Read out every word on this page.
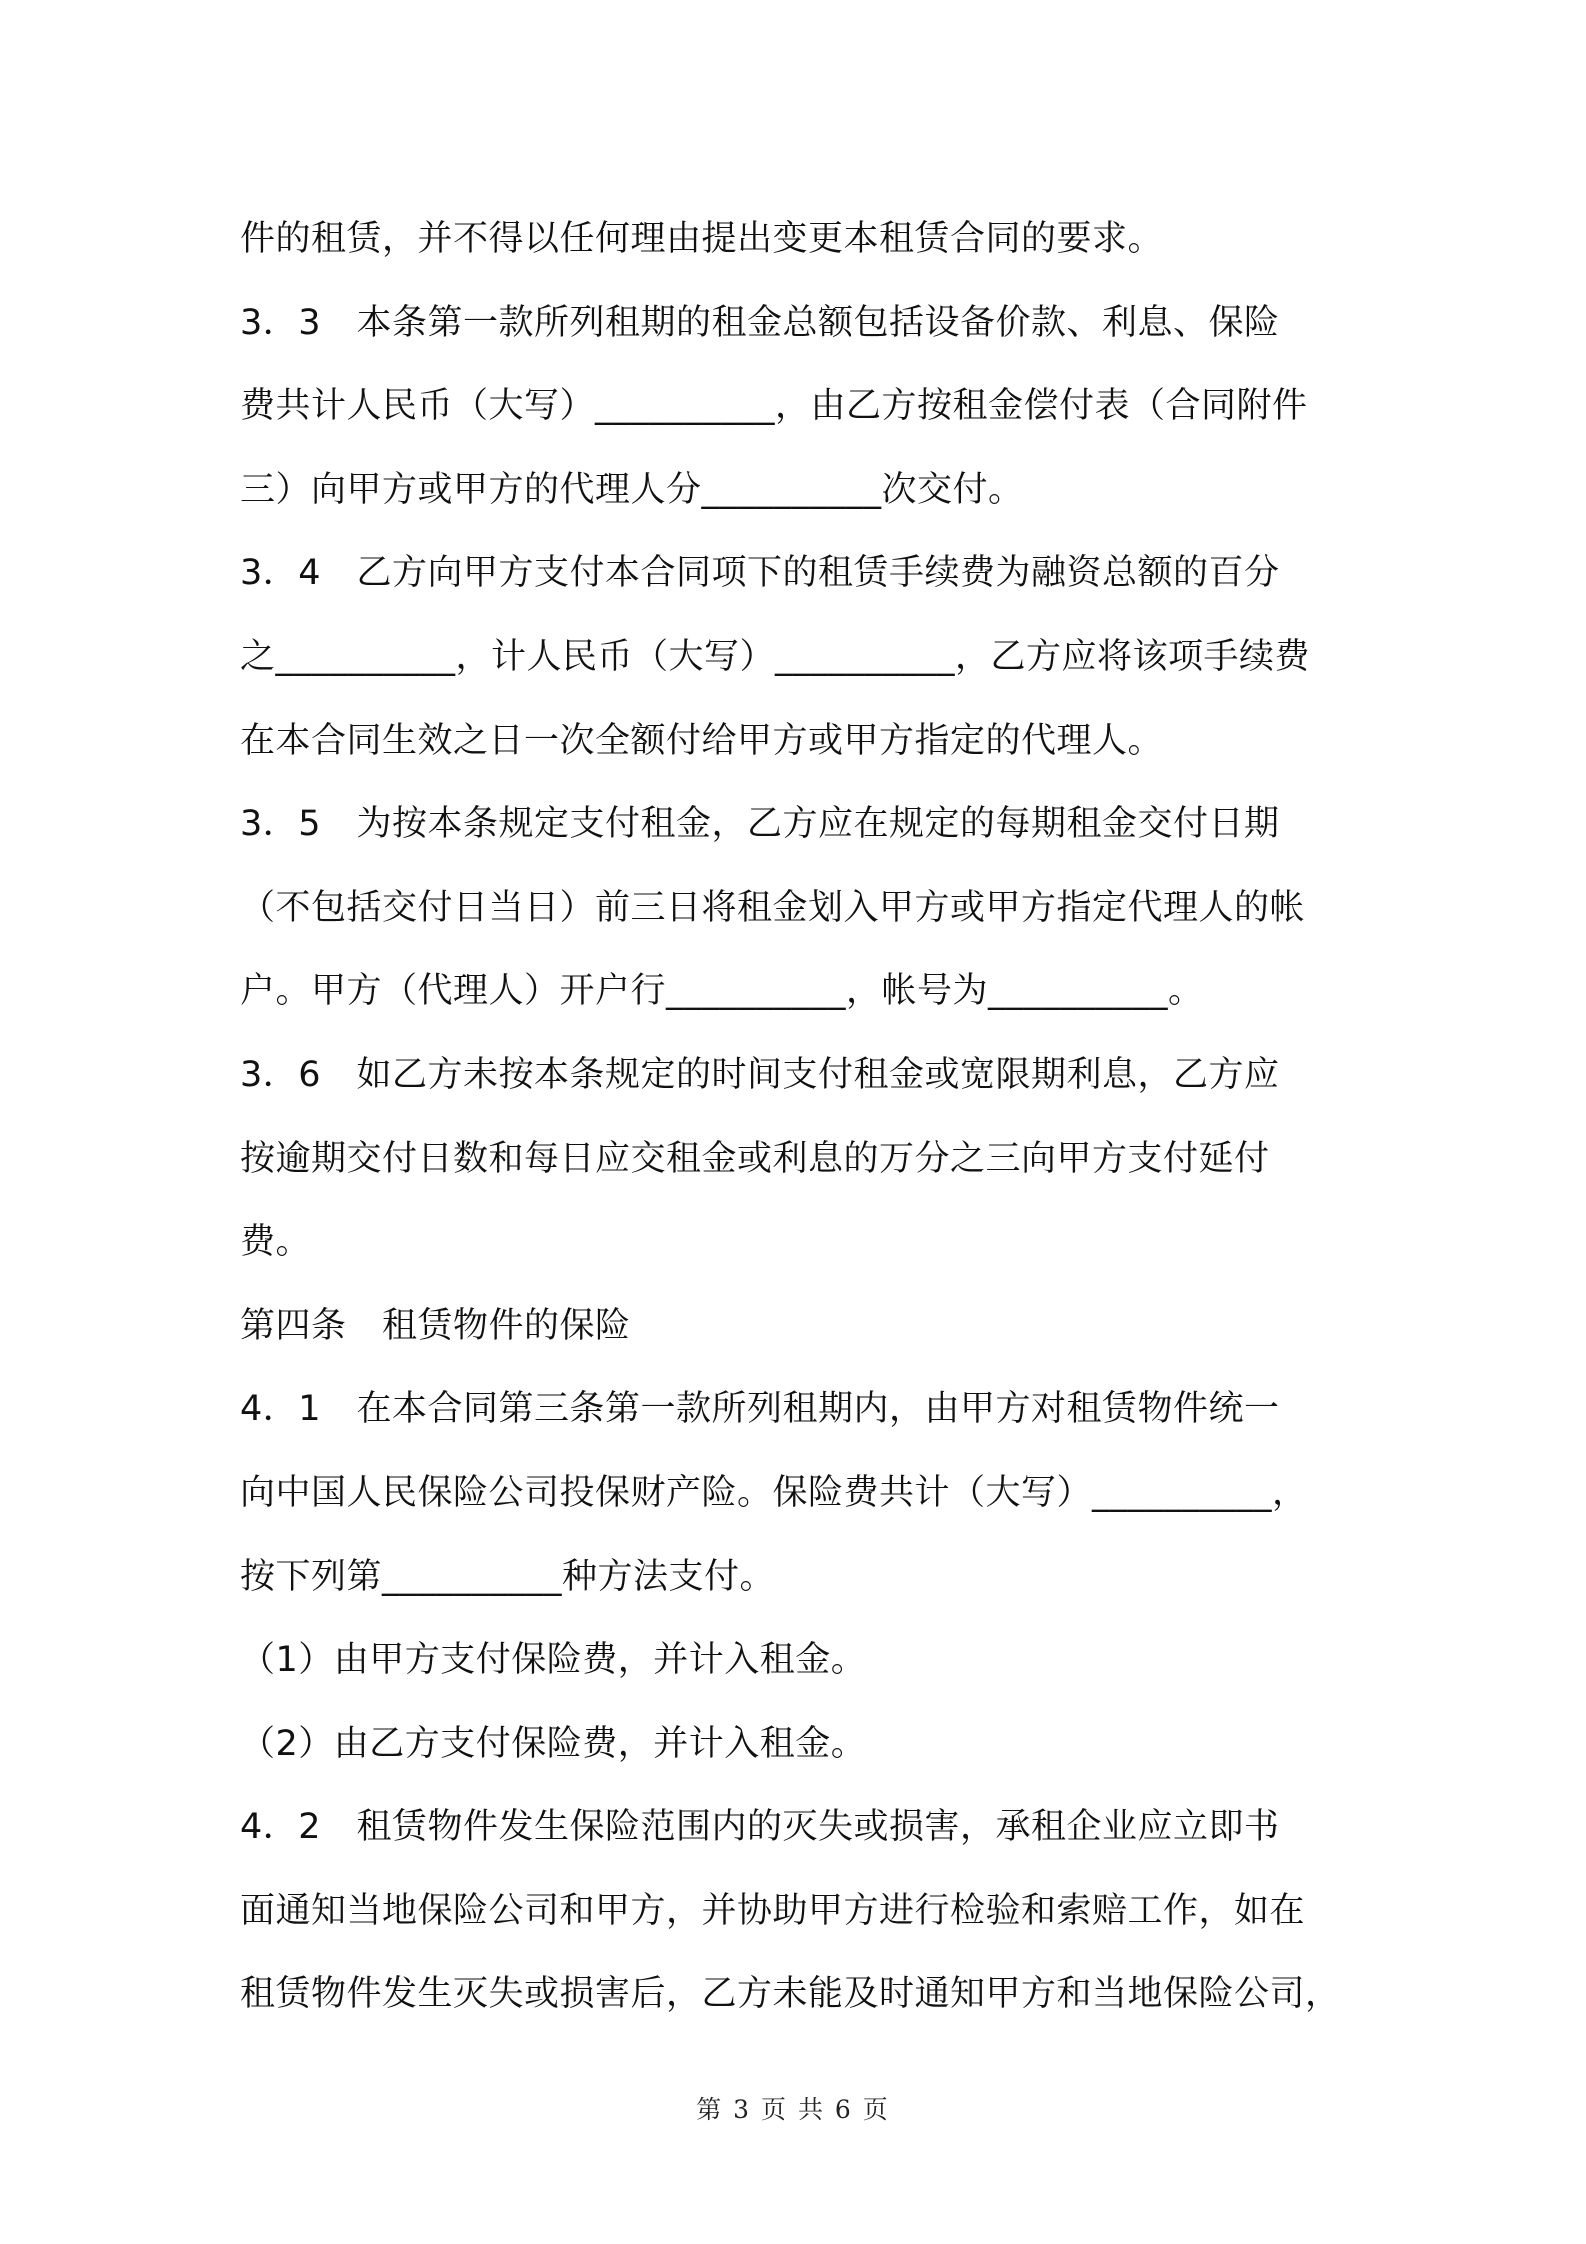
件的租赁，并不得以任何理由提出变更本租赁合同的要求。
3．3　本条第一款所列租期的租金总额包括设备价款、利息、保险
费共计人民币（大写）__________，由乙方按租金偿付表（合同附件
三）向甲方或甲方的代理人分__________次交付。
3．4　乙方向甲方支付本合同项下的租赁手续费为融资总额的百分
之__________，计人民币（大写）__________，乙方应将该项手续费
在本合同生效之日一次全额付给甲方或甲方指定的代理人。
3．5　为按本条规定支付租金，乙方应在规定的每期租金交付日期
（不包括交付日当日）前三日将租金划入甲方或甲方指定代理人的帐
户。甲方（代理人）开户行__________，帐号为__________。
3．6　如乙方未按本条规定的时间支付租金或宽限期利息，乙方应
按逾期交付日数和每日应交租金或利息的万分之三向甲方支付延付
费。
第四条　租赁物件的保险
4．1　在本合同第三条第一款所列租期内，由甲方对租赁物件统一
向中国人民保险公司投保财产险。保险费共计（大写）__________，
按下列第__________种方法支付。
（1）由甲方支付保险费，并计入租金。
（2）由乙方支付保险费，并计入租金。
4．2　租赁物件发生保险范围内的灭失或损害，承租企业应立即书
面通知当地保险公司和甲方，并协助甲方进行检验和索赔工作，如在
租赁物件发生灭失或损害后，乙方未能及时通知甲方和当地保险公司，
第 3 页 共 6 页
